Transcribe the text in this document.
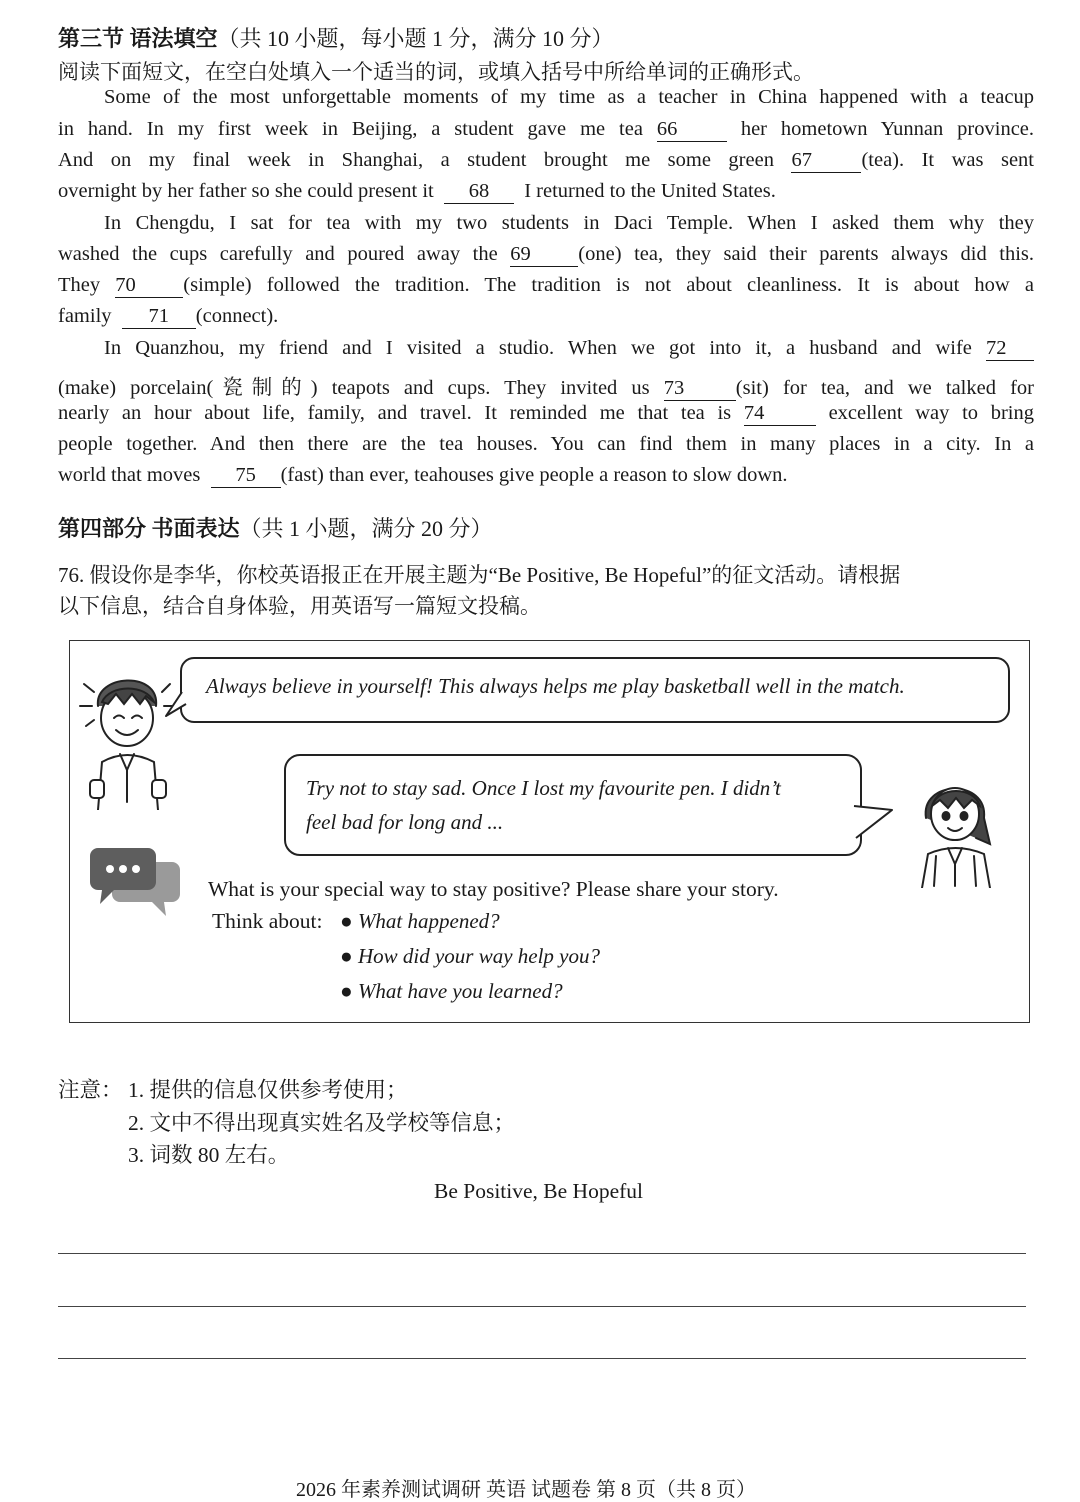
第三节 语法填空（共 10 小题，每小题 1 分，满分 10 分）
阅读下面短文，在空白处填入一个适当的词，或填入括号中所给单词的正确形式。
Some of the most unforgettable moments of my time as a teacher in China happened with a teacup
in hand. In my first week in Beijing, a student gave me tea 66	her hometown Yunnan province.
And on my final week in Shanghai, a student brought me some green 67 (tea). It was sent
overnight by her father so she could present it 68 I returned to the United States.
In Chengdu, I sat for tea with my two students in Daci Temple. When I asked them why they
washed the cups carefully and poured away the 69 (one) tea, they said their parents always did this.
They 70 (simple) followed the tradition. The tradition is not about cleanliness. It is about how a
family 71 (connect).
In Quanzhou, my friend and I visited a studio. When we got into it, a husband and wife 72
(make) porcelain(瓷制的) teapots and cups. They invited us 73	(sit) for tea, and we talked for
nearly an hour about life, family, and travel. It reminded me that tea is 74	excellent way to bring
people together. And then there are the tea houses. You can find them in many places in a city. In a
world that moves 75 (fast) than ever, teahouses give people a reason to slow down.
第四部分 书面表达（共 1 小题，满分 20 分）
76. 假设你是李华，你校英语报正在开展主题为“Be Positive, Be Hopeful”的征文活动。请根据
以下信息，结合自身体验，用英语写一篇短文投稿。
Always believe in yourself! This always helps me play basketball well in the match.
Try not to stay sad. Once I lost my favourite pen. I didn’t
feel bad for long and ...
What is your special way to stay positive? Please share your story.
Think about: ● What happened?
● How did your way help you?
● What have you learned?
注意： 1. 提供的信息仅供参考使用；
2. 文中不得出现真实姓名及学校等信息；
3. 词数 80 左右。
Be Positive, Be Hopeful
2026 年素养测试调研 英语 试题卷 第 8 页（共 8 页）
